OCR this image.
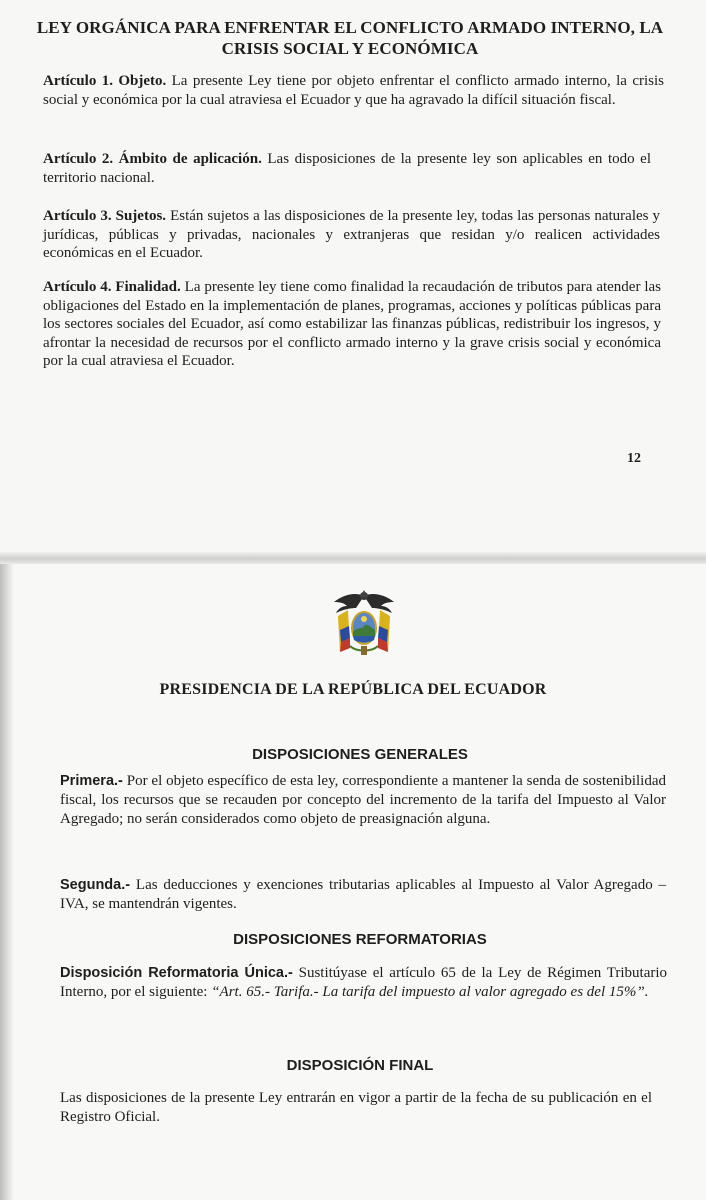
LEY ORGÁNICA PARA ENFRENTAR EL CONFLICTO ARMADO INTERNO, LA CRISIS SOCIAL Y ECONÓMICA
Artículo 1. Objeto. La presente Ley tiene por objeto enfrentar el conflicto armado interno, la crisis social y económica por la cual atraviesa el Ecuador y que ha agravado la difícil situación fiscal.
Artículo 2. Ámbito de aplicación. Las disposiciones de la presente ley son aplicables en todo el territorio nacional.
Artículo 3. Sujetos. Están sujetos a las disposiciones de la presente ley, todas las personas naturales y jurídicas, públicas y privadas, nacionales y extranjeras que residan y/o realicen actividades económicas en el Ecuador.
Artículo 4. Finalidad. La presente ley tiene como finalidad la recaudación de tributos para atender las obligaciones del Estado en la implementación de planes, programas, acciones y políticas públicas para los sectores sociales del Ecuador, así como estabilizar las finanzas públicas, redistribuir los ingresos, y afrontar la necesidad de recursos por el conflicto armado interno y la grave crisis social y económica por la cual atraviesa el Ecuador.
12
PRESIDENCIA DE LA REPÚBLICA DEL ECUADOR
DISPOSICIONES GENERALES
Primera.- Por el objeto específico de esta ley, correspondiente a mantener la senda de sostenibilidad fiscal, los recursos que se recauden por concepto del incremento de la tarifa del Impuesto al Valor Agregado; no serán considerados como objeto de preasignación alguna.
Segunda.- Las deducciones y exenciones tributarias aplicables al Impuesto al Valor Agregado – IVA, se mantendrán vigentes.
DISPOSICIONES REFORMATORIAS
Disposición Reformatoria Única.- Sustitúyase el artículo 65 de la Ley de Régimen Tributario Interno, por el siguiente: “Art. 65.- Tarifa.- La tarifa del impuesto al valor agregado es del 15%”.
DISPOSICIÓN FINAL
Las disposiciones de la presente Ley entrarán en vigor a partir de la fecha de su publicación en el Registro Oficial.
